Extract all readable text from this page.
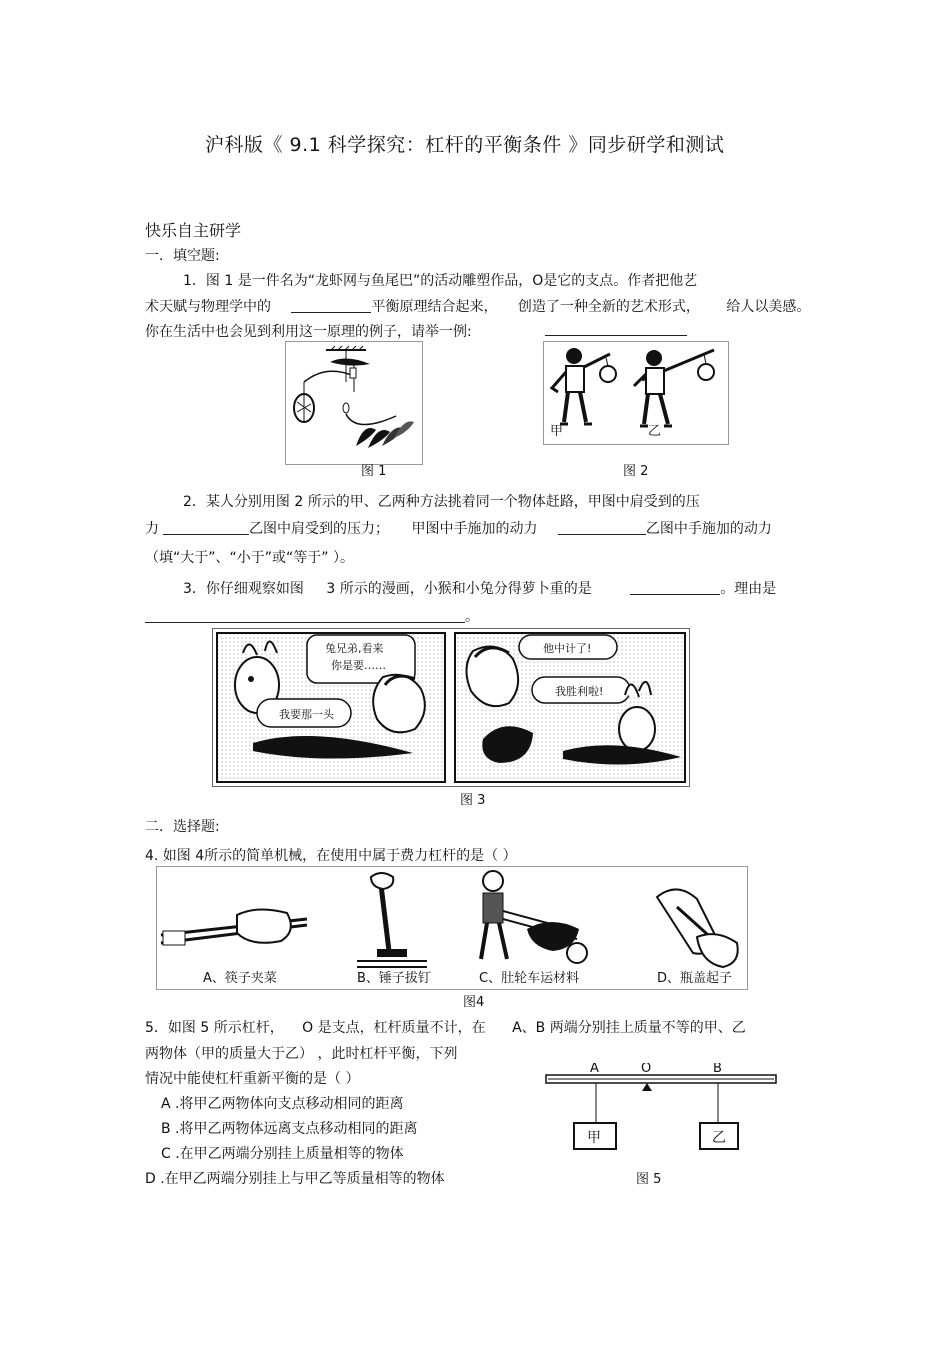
沪科版《 9.1 科学探究：杠杆的平衡条件 》同步研学和测试
快乐自主研学
一．填空题:
1．图 1 是一件名为“龙虾网与鱼尾巴”的活动雕塑作品，O是它的支点。作者把他艺
术天赋与物理学中的	平衡原理结合起来， 创造了一种全新的艺术形式， 给人以美感。
你在生活中也会见到利用这一原理的例子，请举一例:
图 1
甲	乙
图 2
2．某人分别用图 2 所示的甲、乙两种方法挑着同一个物体赶路，甲图中肩受到的压
力	乙图中肩受到的压力； 甲图中手施加的动力	乙图中手施加的动力
（填“大于”、“小于”或“等于” ）。
3．你仔细观察如图 3 所示的漫画，小猴和小兔分得萝卜重的是	。理由是
。
兔兄弟,看来
你是要……
我要那一头
他中计了!
我胜利啦!
图 3
二．选择题:
4. 如图 4所示的简单机械，在使用中属于费力杠杆的是（ ）
A、筷子夹菜	B、锤子拔钉	C、肚轮车运材料	D、瓶盖起子
图4
5．如图 5 所示杠杆， O 是支点，杠杆质量不计，在 A、B 两端分别挂上质量不等的甲、乙
两物体（甲的质量大于乙） ，此时杠杆平衡，下列
情况中能使杠杆重新平衡的是（ ）
A .将甲乙两物体向支点移动相同的距离
B .将甲乙两物体远离支点移动相同的距离
C .在甲乙两端分别挂上质量相等的物体
D .在甲乙两端分别挂上与甲乙等质量相等的物体
A	O	B
甲	乙
图 5
